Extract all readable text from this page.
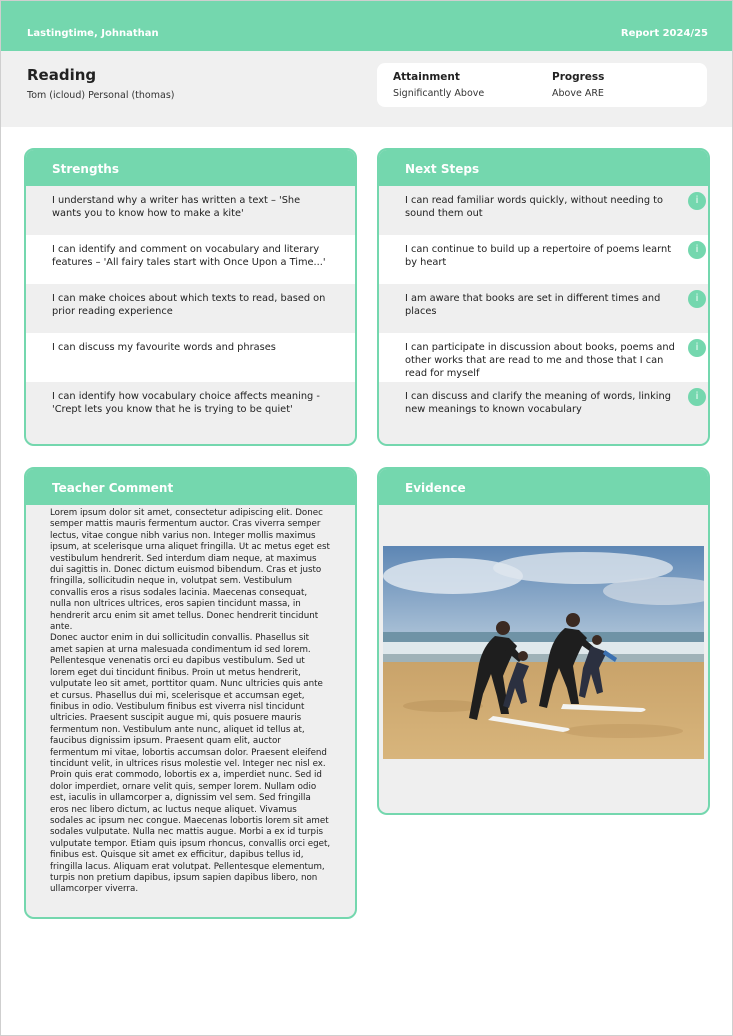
Lastingtime, Johnathan	Report 2024/25
Reading
Tom (icloud) Personal (thomas)
Attainment
Significantly Above
Progress
Above ARE
Strengths
I understand why a writer has written a text – 'She wants you to know how to make a kite'
I can identify and comment on vocabulary and literary features – 'All fairy tales start with Once Upon a Time...'
I can make choices about which texts to read, based on prior reading experience
I can discuss my favourite words and phrases
I can identify how vocabulary choice affects meaning - 'Crept lets you know that he is trying to be quiet'
Next Steps
I can read familiar words quickly, without needing to sound them out
i
I can continue to build up a repertoire of poems learnt by heart
i
I am aware that books are set in different times and places
i
I can participate in discussion about books, poems and other works that are read to me and those that I can read for myself
i
I can discuss and clarify the meaning of words, linking new meanings to known vocabulary
i
Teacher Comment

Lorem ipsum dolor sit amet, consectetur adipiscing elit. Donec semper mattis mauris fermentum auctor. Cras viverra semper lectus, vitae congue nibh varius non. Integer mollis maximus ipsum, at scelerisque urna aliquet fringilla. Ut ac metus eget est vestibulum hendrerit. Sed interdum diam neque, at maximus dui sagittis in. Donec dictum euismod bibendum. Cras et justo fringilla, sollicitudin neque in, volutpat sem. Vestibulum convallis eros a risus sodales lacinia. Maecenas consequat, nulla non ultrices ultrices, eros sapien tincidunt massa, in hendrerit arcu enim sit amet tellus. Donec hendrerit tincidunt ante.

Donec auctor enim in dui sollicitudin convallis. Phasellus sit amet sapien at urna malesuada condimentum id sed lorem. Pellentesque venenatis orci eu dapibus vestibulum. Sed ut lorem eget dui tincidunt finibus. Proin ut metus hendrerit, vulputate leo sit amet, porttitor quam. Nunc ultricies quis ante et cursus. Phasellus dui mi, scelerisque et accumsan eget, finibus in odio. Vestibulum finibus est viverra nisl tincidunt ultricies. Praesent suscipit augue mi, quis posuere mauris fermentum non. Vestibulum ante nunc, aliquet id tellus at, faucibus dignissim ipsum. Praesent quam elit, auctor fermentum mi vitae, lobortis accumsan dolor. Praesent eleifend tincidunt velit, in ultrices risus molestie vel. Integer nec nisl ex.

Proin quis erat commodo, lobortis ex a, imperdiet nunc. Sed id dolor imperdiet, ornare velit quis, semper lorem. Nullam odio est, iaculis in ullamcorper a, dignissim vel sem. Sed fringilla eros nec libero dictum, ac luctus neque aliquet. Vivamus sodales ac ipsum nec congue. Maecenas lobortis lorem sit amet sodales vulputate. Nulla nec mattis augue. Morbi a ex id turpis vulputate tempor. Etiam quis ipsum rhoncus, convallis orci eget, finibus est. Quisque sit amet ex efficitur, dapibus tellus id, fringilla lacus. Aliquam erat volutpat. Pellentesque elementum, turpis non pretium dapibus, ipsum sapien dapibus libero, non ullamcorper viverra.

Evidence
